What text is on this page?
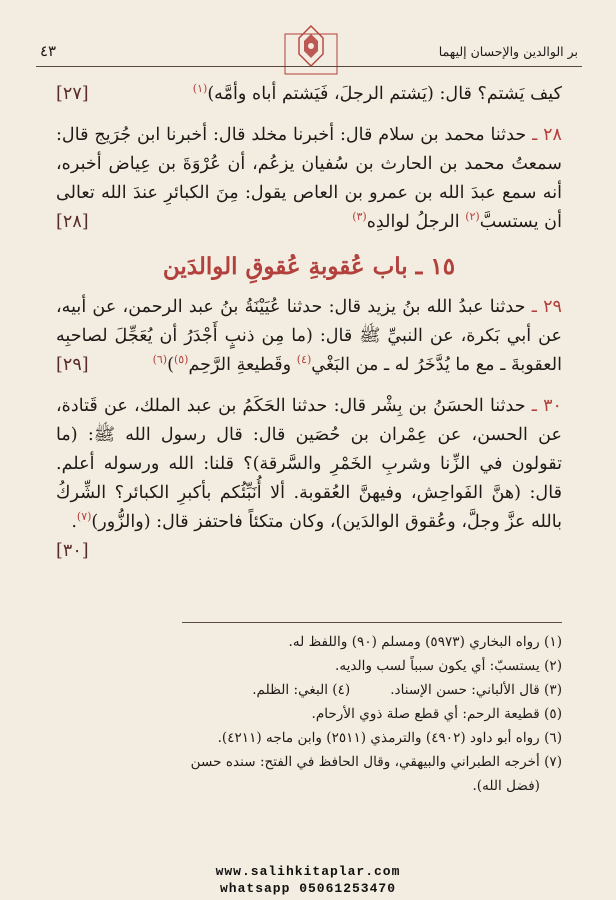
٤٣	بر الوالدين والإحسان إليهما
كيف يَشتم؟ قال: (يَشتم الرجلَ، فَيَشتم أباه وأمَّه)$^{(١)}$
[٢٧]
٢٨ ـ حدثنا محمد بن سلام قال: أخبرنا مخلد قال: أخبرنا ابن جُرَيج قال: سمعتُ محمد بن الحارث بن سُفيان يزعُم، أن عُرْوَةَ بن عِياض أخبره، أنه سمع عبدَ الله بن عمرو بن العاص يقول: مِنَ الكبائرِ عندَ الله تعالى أن يستسبَّ$^{(٢)}$ الرجلُ لوالدِه$^{(٣)}$
[٢٨]
١٥ ـ باب عُقوبةِ عُقوقِ الوالدَين
٢٩ ـ حدثنا عبدُ الله بنُ يزيد قال: حدثنا عُيَيْنَةُ بنُ عبد الرحمن، عن أبيه، عن أبي بَكرة، عن النبيِّ ﷺ قال: (ما مِن ذنبٍ أَجْدَرُ أن يُعَجِّلَ لصاحبِه العقوبةَ ـ مع ما يُدَّخَرُ له ـ من البَغْي$^{(٤)}$ وقَطيعةِ الرَّحِم$^{(٥)}$)$^{(٦)}$
[٢٩]
٣٠ ـ حدثنا الحسَنُ بن بِشْر قال: حدثنا الحَكَمُ بن عبد الملك، عن قَتادة، عن الحسن، عن عِمْران بن حُصَين قال: قال رسول الله ﷺ: (ما تقولون في الزِّنا وشربِ الخَمْرِ والسَّرقة)؟ قلنا: الله ورسوله أعلم. قال: (هنَّ الفَواحِش، وفيهنَّ العُقوبة. ألا أُنَبِّئُكم بأكبرِ الكبائر؟ الشِّركُ بالله عزَّ وجلَّ، وعُقوق الوالدَين)، وكان متكئاً فاحتفز قال: (والزُّور)$^{(٧)}$.
[٣٠]
(١) رواه البخاري (٥٩٧٣) ومسلم (٩٠) واللفظ له.
(٢) يستسبّ: أي يكون سبباً لسب والديه.
(٣) قال الألباني: حسن الإسناد.
(٤) البغي: الظلم.
(٥) قطيعة الرحم: أي قطع صلة ذوي الأرحام.
(٦) رواه أبو داود (٤٩٠٢) والترمذي (٢٥١١) وابن ماجه (٤٢١١).
(٧) أخرجه الطبراني والبيهقي، وقال الحافظ في الفتح: سنده حسن
(فضل الله).
www.salihkitaplar.com
whatsapp 05061253470
